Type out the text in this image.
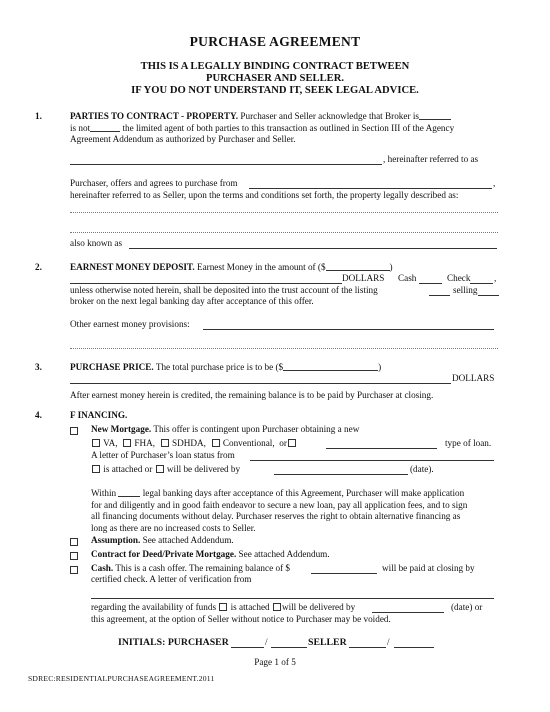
PURCHASE AGREEMENT
THIS IS A LEGALLY BINDING CONTRACT BETWEEN
PURCHASER AND SELLER.
IF YOU DO NOT UNDERSTAND IT, SEEK LEGAL ADVICE.
1.	PARTIES TO CONTRACT - PROPERTY. Purchaser and Seller acknowledge that Broker is
is not	the limited agent of both parties to this transaction as outlined in Section III of the Agency
Agreement Addendum as authorized by Purchaser and Seller.
, hereinafter referred to as
Purchaser, offers and agrees to purchase from	,
hereinafter referred to as Seller, upon the terms and conditions set forth, the property legally described as:
also known as
2.	EARNEST MONEY DEPOSIT. Earnest Money in the amount of ($	)
DOLLARS Cash	Check	,
unless otherwise noted herein, shall be deposited into the trust account of the listing	selling
broker on the next legal banking day after acceptance of this offer.
Other earnest money provisions:
3.	PURCHASE PRICE. The total purchase price is to be ($	)
DOLLARS
After earnest money herein is credited, the remaining balance is to be paid by Purchaser at closing.
4.	F INANCING.
New Mortgage. This offer is contingent upon Purchaser obtaining a new
VA, FHA, SDHDA, Conventional, or	type of loan.
A letter of Purchaser’s loan status from
is attached or will be delivered by	(date).
Within	legal banking days after acceptance of this Agreement, Purchaser will make application
for and diligently and in good faith endeavor to secure a new loan, pay all application fees, and to sign
all financing documents without delay. Purchaser reserves the right to obtain alternative financing as
long as there are no increased costs to Seller.
Assumption. See attached Addendum.
Contract for Deed/Private Mortgage. See attached Addendum.
Cash. This is a cash offer. The remaining balance of $	will be paid at closing by
certified check. A letter of verification from
regarding the availability of funds is attached will be delivered by	(date) or
this agreement, at the option of Seller without notice to Purchaser may be voided.
INITIALS: PURCHASER	/	SELLER	/
Page 1 of 5
SDREC:RESIDENTIALPURCHASEAGREEMENT.2011
